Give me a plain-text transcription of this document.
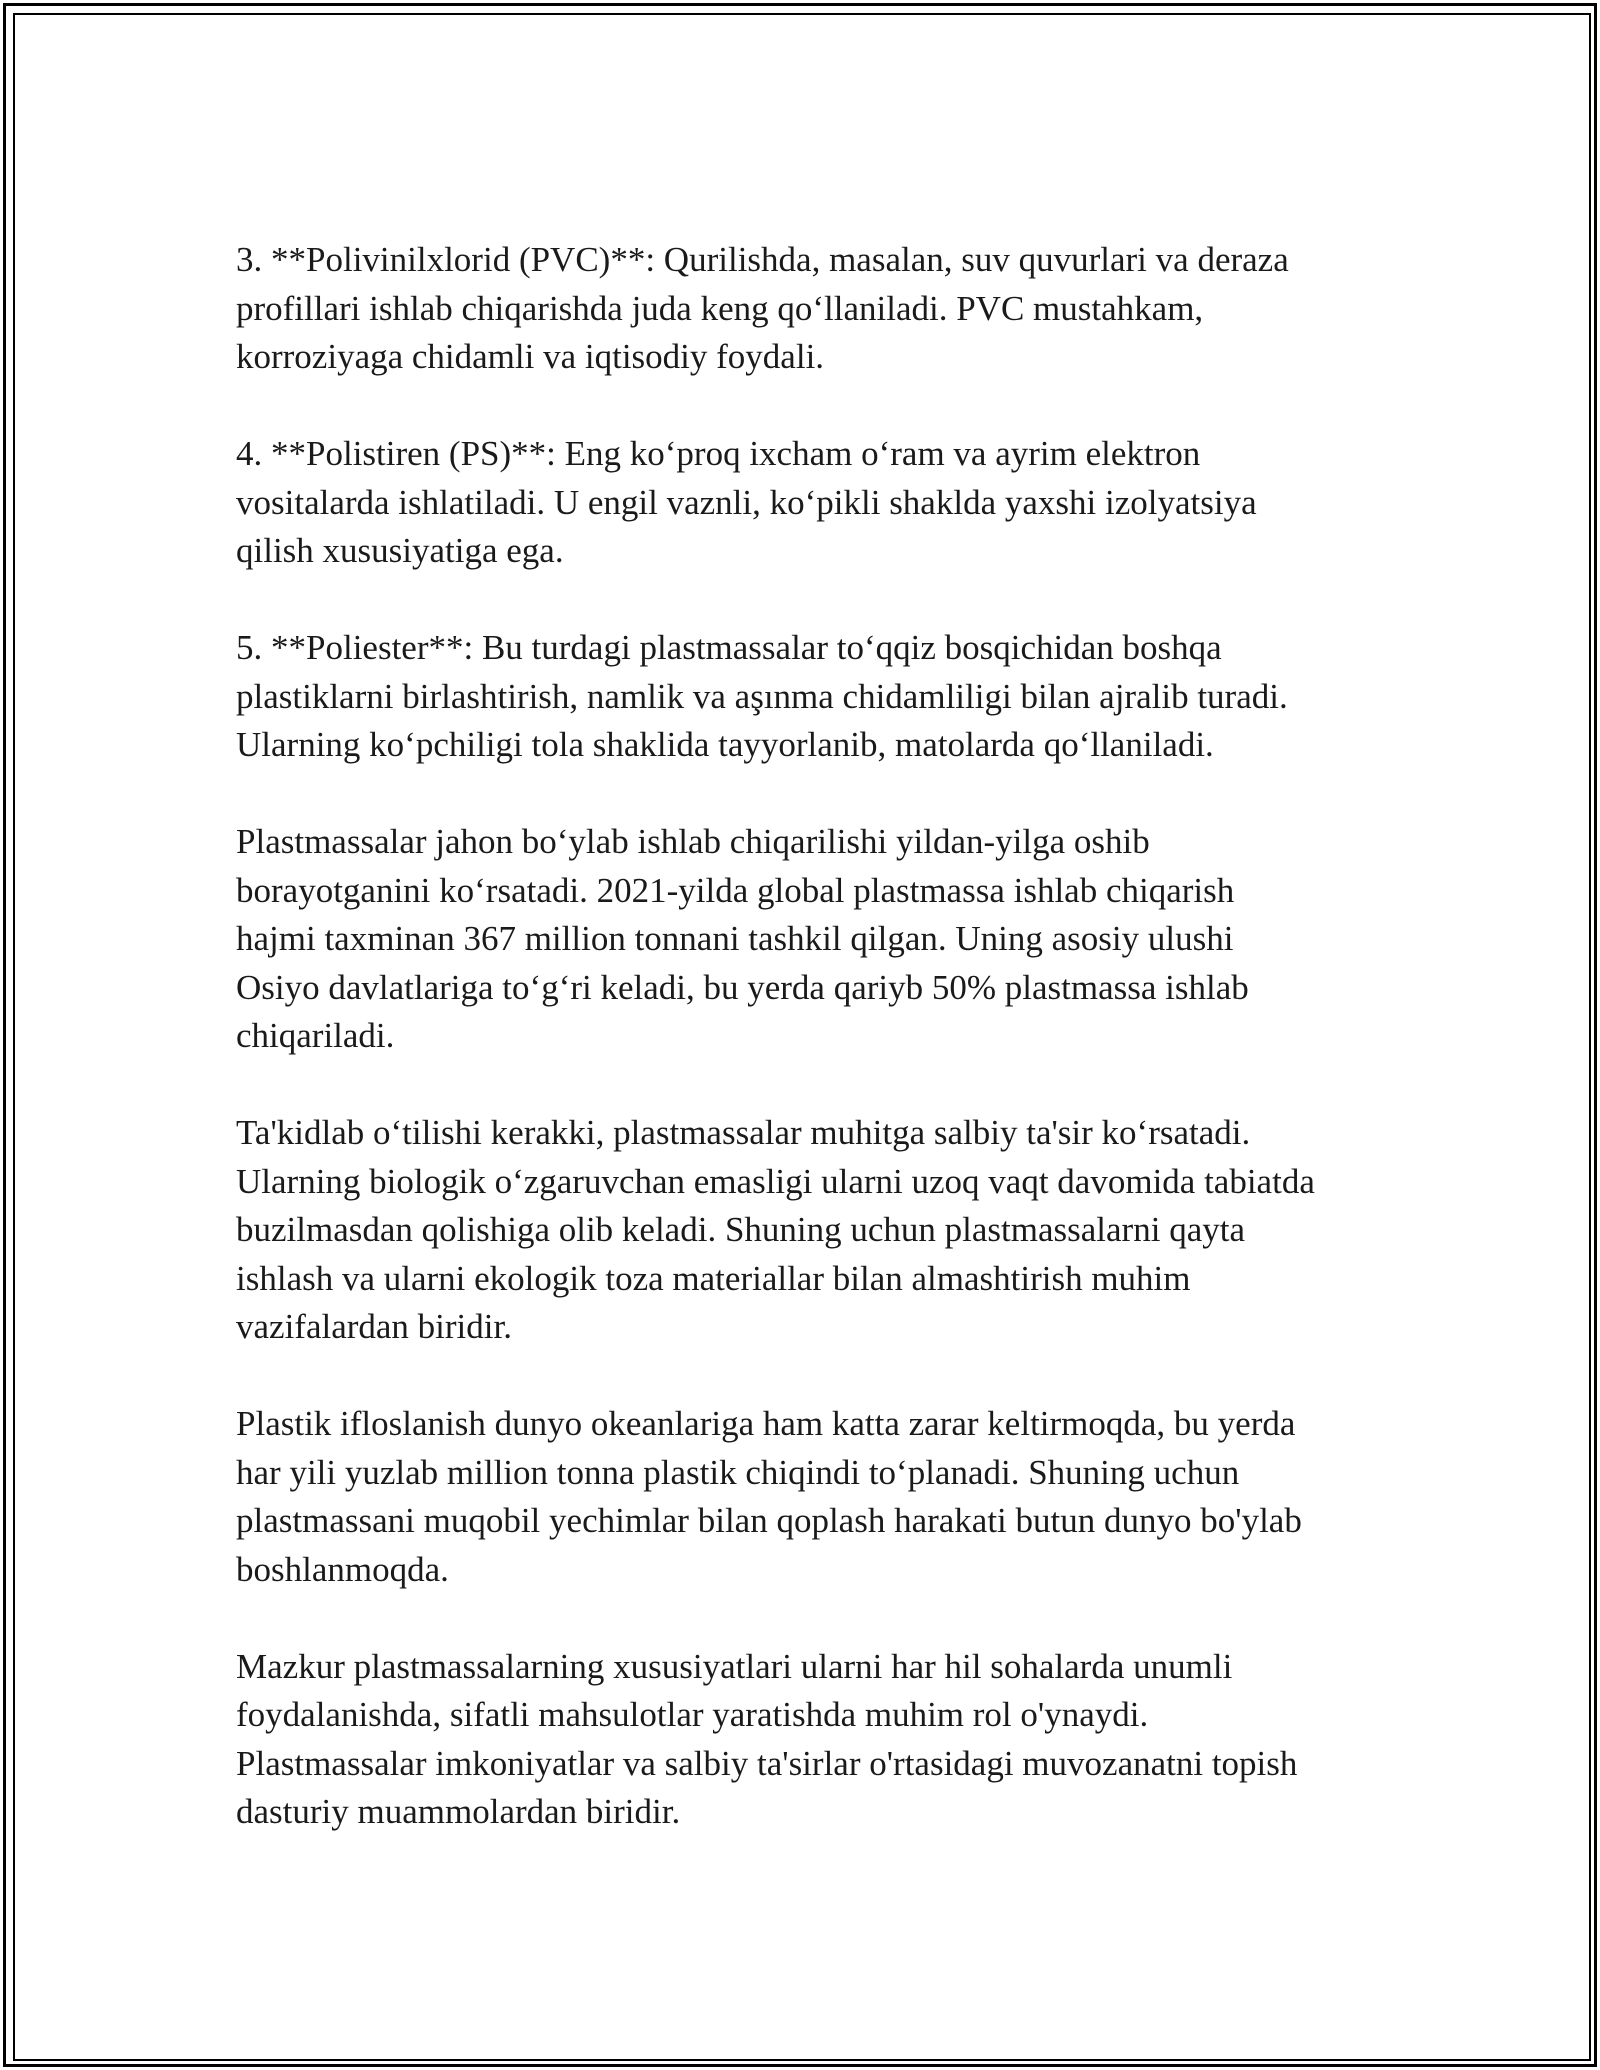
3. **Polivinilxlorid (PVC)**: Qurilishda, masalan, suv quvurlari va deraza
profillari ishlab chiqarishda juda keng qo‘llaniladi. PVC mustahkam,
korroziyaga chidamli va iqtisodiy foydali.

4. **Polistiren (PS)**: Eng ko‘proq ixcham o‘ram va ayrim elektron
vositalarda ishlatiladi. U engil vaznli, ko‘pikli shaklda yaxshi izolyatsiya
qilish xususiyatiga ega.

5. **Poliester**: Bu turdagi plastmassalar to‘qqiz bosqichidan boshqa
plastiklarni birlashtirish, namlik va aşınma chidamliligi bilan ajralib turadi.
Ularning ko‘pchiligi tola shaklida tayyorlanib, matolarda qo‘llaniladi.

Plastmassalar jahon bo‘ylab ishlab chiqarilishi yildan-yilga oshib
borayotganini ko‘rsatadi. 2021-yilda global plastmassa ishlab chiqarish
hajmi taxminan 367 million tonnani tashkil qilgan. Uning asosiy ulushi
Osiyo davlatlariga to‘g‘ri keladi, bu yerda qariyb 50% plastmassa ishlab
chiqariladi.

Ta'kidlab o‘tilishi kerakki, plastmassalar muhitga salbiy ta'sir ko‘rsatadi.
Ularning biologik o‘zgaruvchan emasligi ularni uzoq vaqt davomida tabiatda
buzilmasdan qolishiga olib keladi. Shuning uchun plastmassalarni qayta
ishlash va ularni ekologik toza materiallar bilan almashtirish muhim
vazifalardan biridir.

Plastik ifloslanish dunyo okeanlariga ham katta zarar keltirmoqda, bu yerda
har yili yuzlab million tonna plastik chiqindi to‘planadi. Shuning uchun
plastmassani muqobil yechimlar bilan qoplash harakati butun dunyo bo'ylab
boshlanmoqda.

Mazkur plastmassalarning xususiyatlari ularni har hil sohalarda unumli
foydalanishda, sifatli mahsulotlar yaratishda muhim rol o'ynaydi.
Plastmassalar imkoniyatlar va salbiy ta'sirlar o'rtasidagi muvozanatni topish
dasturiy muammolardan biridir.
